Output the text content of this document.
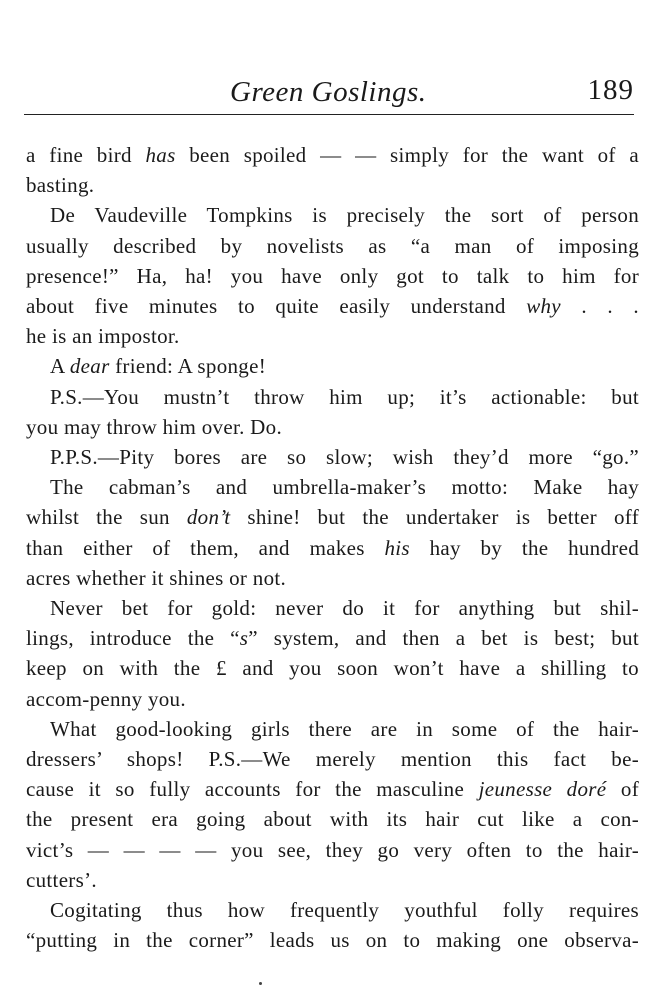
Green Goslings.	189
a fine bird has been spoiled — — simply for the want of a
basting.
De Vaudeville Tompkins is precisely the sort of person
usually described by novelists as “a man of imposing
presence!” Ha, ha! you have only got to talk to him for
about five minutes to quite easily understand why . . .
he is an impostor.
A dear friend: A sponge!
P.S.—You mustn’t throw him up; it’s actionable: but
you may throw him over. Do.
P.P.S.—Pity bores are so slow; wish they’d more “go.”
The cabman’s and umbrella-maker’s motto: Make hay
whilst the sun don’t shine! but the undertaker is better off
than either of them, and makes his hay by the hundred
acres whether it shines or not.
Never bet for gold: never do it for anything but shil-
lings, introduce the “s” system, and then a bet is best; but
keep on with the £ and you soon won’t have a shilling to
accom-penny you.
What good-looking girls there are in some of the hair-
dressers’ shops! P.S.—We merely mention this fact be-
cause it so fully accounts for the masculine jeunesse doré of
the present era going about with its hair cut like a con-
vict’s — — — — you see, they go very often to the hair-
cutters’.
Cogitating thus how frequently youthful folly requires
“putting in the corner” leads us on to making one observa-
